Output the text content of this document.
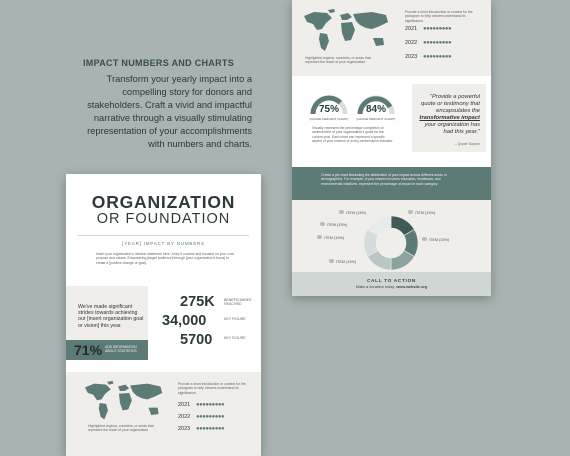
IMPACT NUMBERS AND CHARTS
Transform your yearly impact into a compelling story for donors and stakeholders. Craft a vivid and impactful narrative through a visually stimulating representation of your accomplishments with numbers and charts.
Highlighted regions, countries, or areas that represent the reach of your organization
Provide a short introduction or context for the pictogram to help viewers understand its significance.
2021 ●●●●●●●●●
2022 ●●●●●●●●●
2023 ●●●●●●●●●
75%
[GAUGE PERCENT CHART]
84%
[GAUGE PERCENT CHART]
Visually represent the percentage completion or achievement of your organization's goals for the current year. Each chart can represent a specific aspect of your mission or a key performance indicator.
“Provide a powerful quote or testimony that encapsulates the transformative impact your organization has had this year.”
– Quote Source
Create a pie chart illustrating the distribution of your impact across different areas or demographics. For example, if your mission involves education, healthcare, and environmental initiatives, represent the percentage of impact in each category.
ITEM (15%)	ITEM (15%)
ITEM (15%)
ITEM (15%)
ITEM (15%)
ITEM (15%)
CALL TO ACTION
Make a donation today: www.website.org
ORGANIZATION
OR FOUNDATION
[YEAR] IMPACT BY NUMBERS
Insert your organization's mission statement here. Keep it concise and focused on your core purpose and values. Empowering [target audience] through [your organization's focus] to create a [positive change or goal].
We've made significant strides towards achieving our [insert organization goal or vision] this year.
71% ADD INFORMATION ABOUT STATISTICS
275K	BENEFICIARIES REACHED
34,000	KEY FIGURE
5700	KEY FIGURE
Highlighted regions, countries, or areas that represent the reach of your organization
Provide a short introduction or context for the pictogram to help viewers understand its significance.
2021 ●●●●●●●●●
2022 ●●●●●●●●●
2023 ●●●●●●●●●
